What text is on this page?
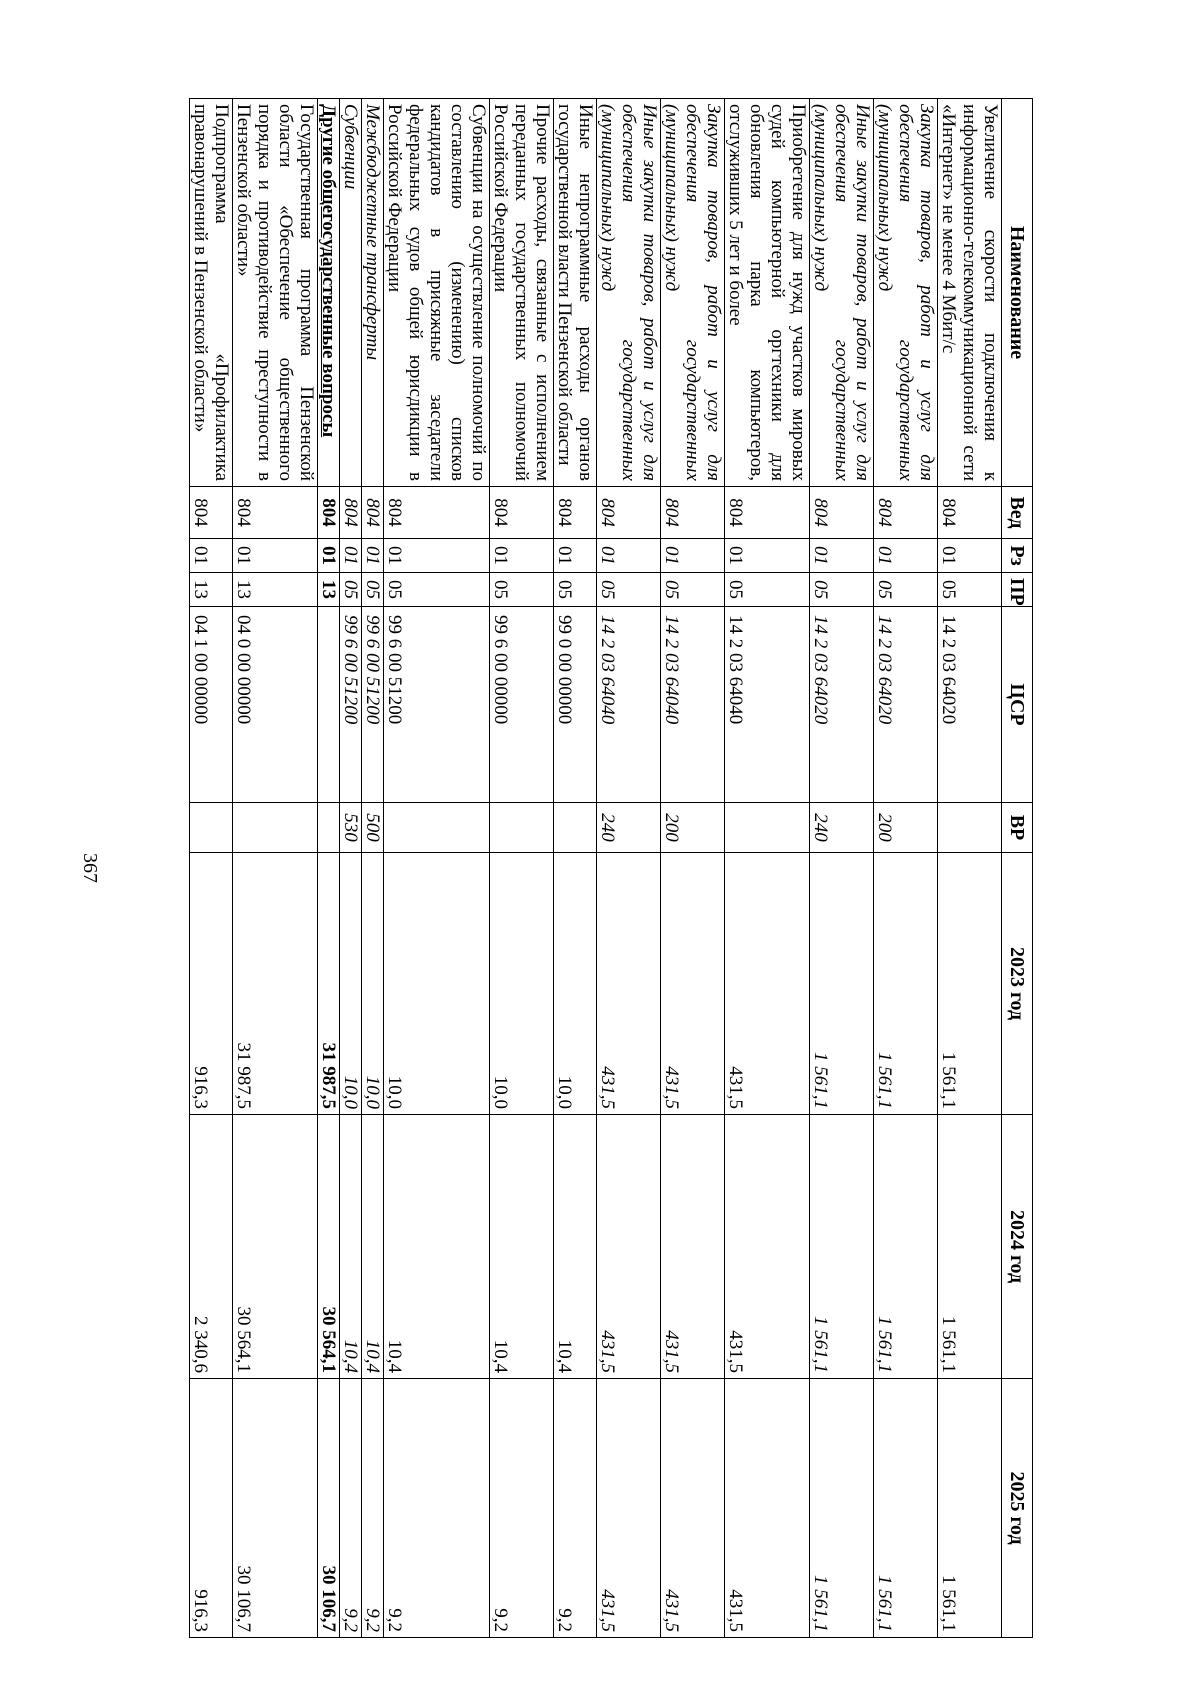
367
Наименование	Вед	Рз	ПР	ЦСР	ВР	2023 год	2024 год	2025 год
Увеличение скорости подключения к информационно-телекоммуникационной сети «Интернет» не менее 4 Мбит/с	804	01	05	14 2 03 64020		1 561,1	1 561,1	1 561,1
Закупка товаров, работ и услуг для обеспечения государственных (муниципальных) нужд	804	01	05	14 2 03 64020	200	1 561,1	1 561,1	1 561,1
Иные закупки товаров, работ и услуг для обеспечения государственных (муниципальных) нужд	804	01	05	14 2 03 64020	240	1 561,1	1 561,1	1 561,1
Приобретение для нужд участков мировых судей компьютерной оргтехники для обновления парка компьютеров, отслуживших 5 лет и более	804	01	05	14 2 03 64040		431,5	431,5	431,5
Закупка товаров, работ и услуг для обеспечения государственных (муниципальных) нужд	804	01	05	14 2 03 64040	200	431,5	431,5	431,5
Иные закупки товаров, работ и услуг для обеспечения государственных (муниципальных) нужд	804	01	05	14 2 03 64040	240	431,5	431,5	431,5
Иные непрограммные расходы органов государственной власти Пензенской области	804	01	05	99 0 00 00000		10,0	10,4	9,2
Прочие расходы, связанные с исполнением переданных государственных полномочий Российской Федерации	804	01	05	99 6 00 00000		10,0	10,4	9,2
Субвенции на осуществление полномочий по составлению (изменению) списков кандидатов в присяжные заседатели федеральных судов общей юрисдикции в Российской Федерации	804	01	05	99 6 00 51200		10,0	10,4	9,2
Межбюджетные трансферты	804	01	05	99 6 00 51200	500	10,0	10,4	9,2
Субвенции	804	01	05	99 6 00 51200	530	10,0	10,4	9,2
Другие общегосударственные вопросы	804	01	13			31 987,5	30 564,1	30 106,7
Государственная программа Пензенской области «Обеспечение общественного порядка и противодействие преступности в Пензенской области»	804	01	13	04 0 00 00000		31 987,5	30 564,1	30 106,7
Подпрограмма «Профилактика правонарушений в Пензенской области»	804	01	13	04 1 00 00000		916,3	2 340,6	916,3
